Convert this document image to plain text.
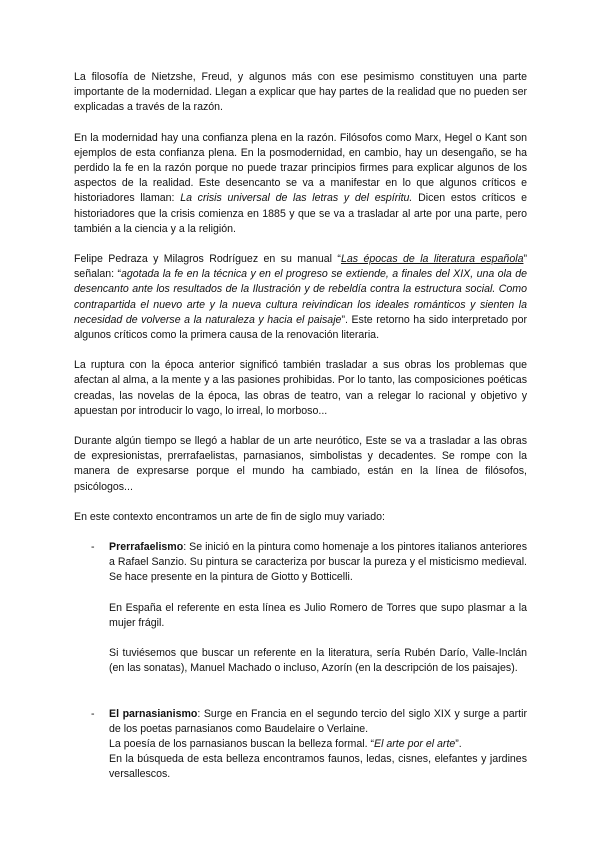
La filosofía de Nietzshe, Freud, y algunos más con ese pesimismo constituyen una parte importante de la modernidad. Llegan a explicar que hay partes de la realidad que no pueden ser explicadas a través de la razón.

En la modernidad hay una confianza plena en la razón. Filósofos como Marx, Hegel o Kant son ejemplos de esta confianza plena. En la posmodernidad, en cambio, hay un desengaño, se ha perdido la fe en la razón porque no puede trazar principios firmes para explicar algunos de los aspectos de la realidad. Este desencanto se va a manifestar en lo que algunos críticos e historiadores llaman: La crisis universal de las letras y del espíritu. Dicen estos críticos e historiadores que la crisis comienza en 1885 y que se va a trasladar al arte por una parte, pero también a la ciencia y a la religión.

Felipe Pedraza y Milagros Rodríguez en su manual “Las épocas de la literatura española” señalan: “agotada la fe en la técnica y en el progreso se extiende, a finales del XIX, una ola de desencanto ante los resultados de la Ilustración y de rebeldía contra la estructura social. Como contrapartida el nuevo arte y la nueva cultura reivindican los ideales románticos y sienten la necesidad de volverse a la naturaleza y hacia el paisaje”. Este retorno ha sido interpretado por algunos críticos como la primera causa de la renovación literaria.

La ruptura con la época anterior significó también trasladar a sus obras los problemas que afectan al alma, a la mente y a las pasiones prohibidas. Por lo tanto, las composiciones poéticas creadas, las novelas de la época, las obras de teatro, van a relegar lo racional y objetivo y apuestan por introducir lo vago, lo irreal, lo morboso...

Durante algún tiempo se llegó a hablar de un arte neurótico, Este se va a trasladar a las obras de expresionistas, prerrafaelistas, parnasianos, simbolistas y decadentes. Se rompe con la manera de expresarse porque el mundo ha cambiado, están en la línea de filósofos, psicólogos...

En este contexto encontramos un arte de fin de siglo muy variado:

- Prerrafaelismo: Se inició en la pintura como homenaje a los pintores italianos anteriores a Rafael Sanzio. Su pintura se caracteriza por buscar la pureza y el misticismo medieval. Se hace presente en la pintura de Giotto y Botticelli.

En España el referente en esta línea es Julio Romero de Torres que supo plasmar a la mujer frágil.

Si tuviésemos que buscar un referente en la literatura, sería Rubén Darío, Valle-Inclán (en las sonatas), Manuel Machado o incluso, Azorín (en la descripción de los paisajes).

- El parnasianismo: Surge en Francia en el segundo tercio del siglo XIX y surge a partir de los poetas parnasianos como Baudelaire o Verlaine.

La poesía de los parnasianos buscan la belleza formal. “El arte por el arte”.

En la búsqueda de esta belleza encontramos faunos, ledas, cisnes, elefantes y jardines versallescos.
